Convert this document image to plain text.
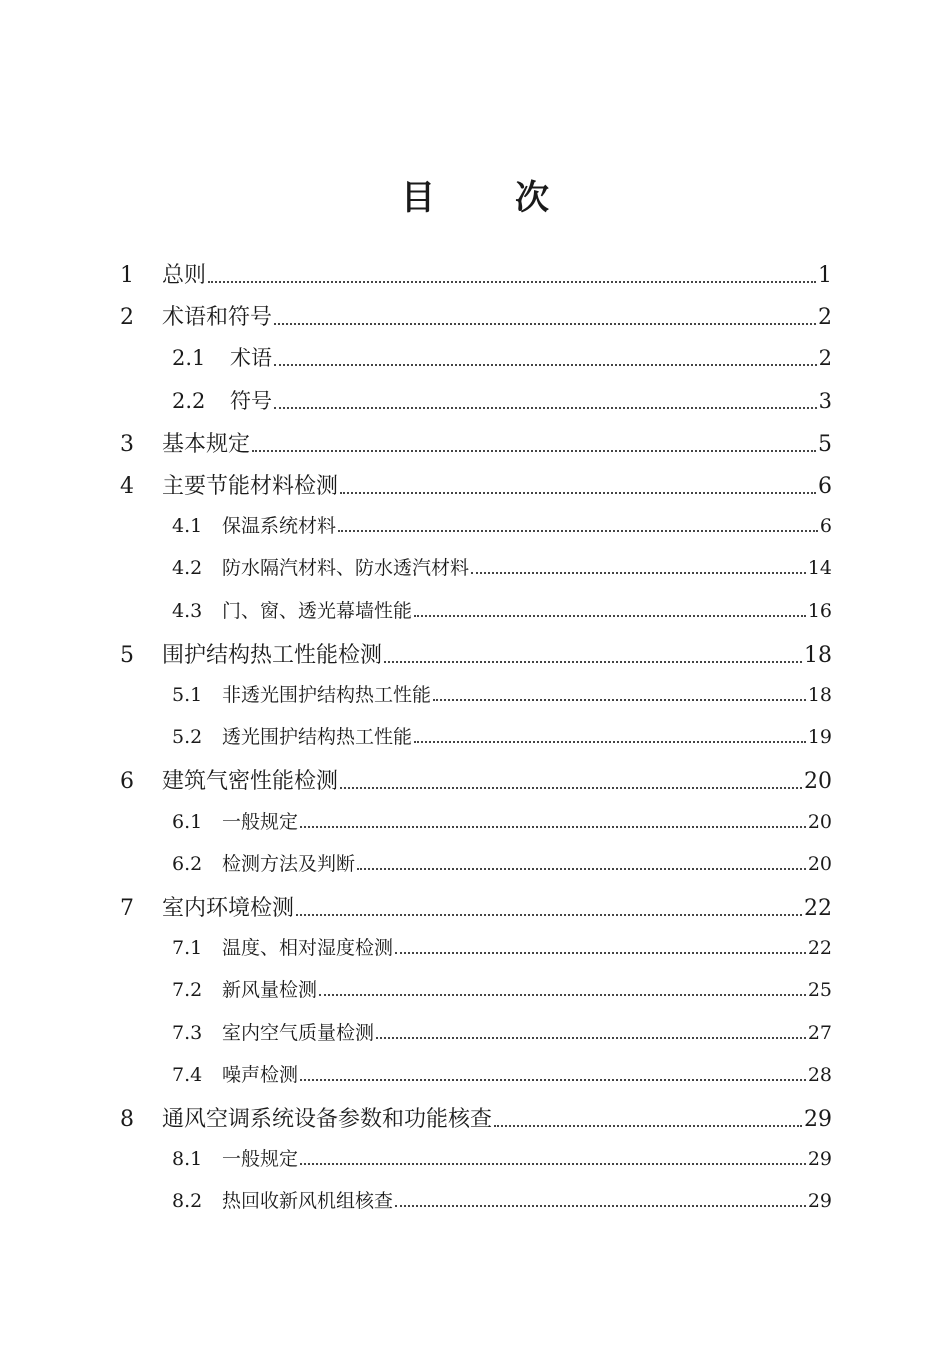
目 次
1	总则	1
2	术语和符号	2
2.1	术语	2
2.2	符号	3
3	基本规定	5
4	主要节能材料检测	6
4.1	保温系统材料	6
4.2	防水隔汽材料、防水透汽材料	14
4.3	门、窗、透光幕墙性能	16
5	围护结构热工性能检测	18
5.1	非透光围护结构热工性能	18
5.2	透光围护结构热工性能	19
6	建筑气密性能检测	20
6.1	一般规定	20
6.2	检测方法及判断	20
7	室内环境检测	22
7.1	温度、相对湿度检测	22
7.2	新风量检测	25
7.3	室内空气质量检测	27
7.4	噪声检测	28
8	通风空调系统设备参数和功能核查	29
8.1	一般规定	29
8.2	热回收新风机组核查	29
